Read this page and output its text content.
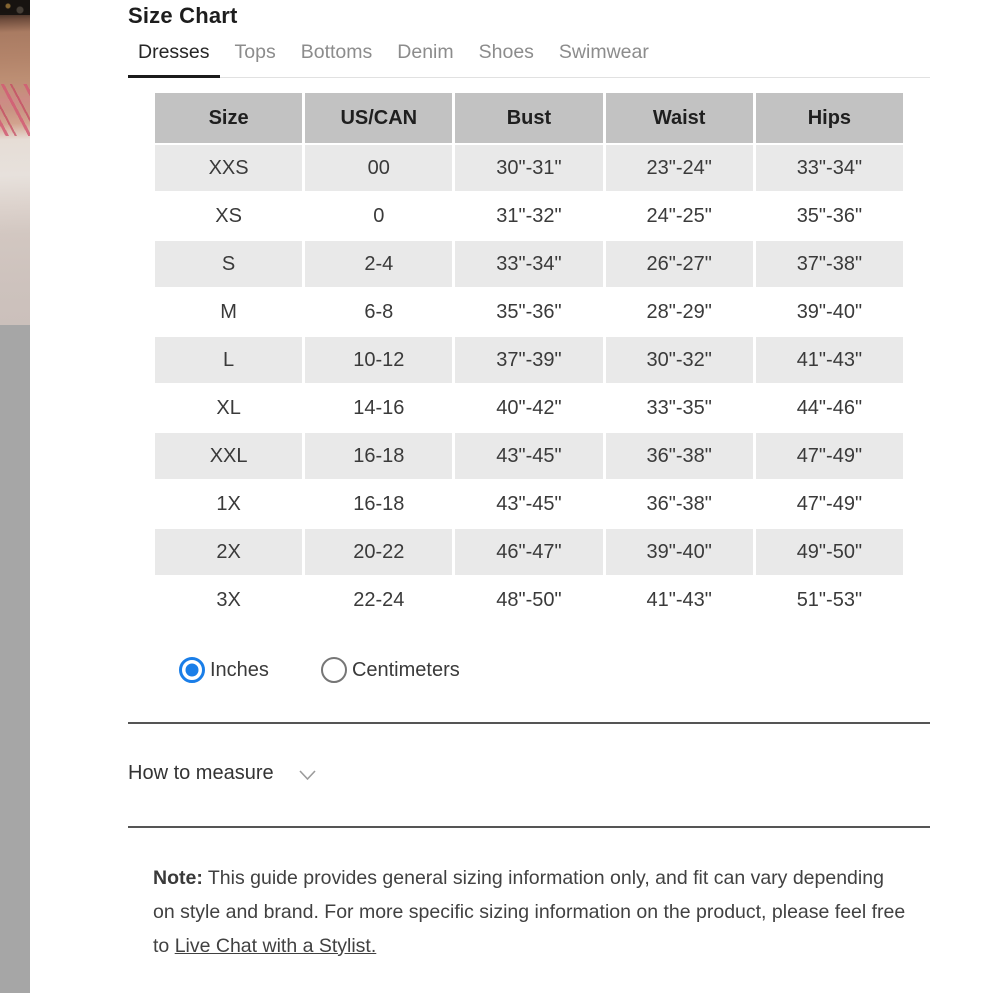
Size Chart
Dresses	Tops Bottoms Denim Shoes Swimwear
Size	US/CAN	Bust	Waist	Hips
XXS	00	30"-31"	23"-24"	33"-34"
XS	0	31"-32"	24"-25"	35"-36"
S	2-4	33"-34"	26"-27"	37"-38"
M	6-8	35"-36"	28"-29"	39"-40"
L	10-12	37"-39"	30"-32"	41"-43"
XL	14-16	40"-42"	33"-35"	44"-46"
XXL	16-18	43"-45"	36"-38"	47"-49"
1X	16-18	43"-45"	36"-38"	47"-49"
2X	20-22	46"-47"	39"-40"	49"-50"
3X	22-24	48"-50"	41"-43"	51"-53"
Inches	Centimeters
How to measure

Note: This guide provides general sizing information only, and fit can vary depending on style and brand. For more specific sizing information on the product, please feel free to Live Chat with a Stylist.
